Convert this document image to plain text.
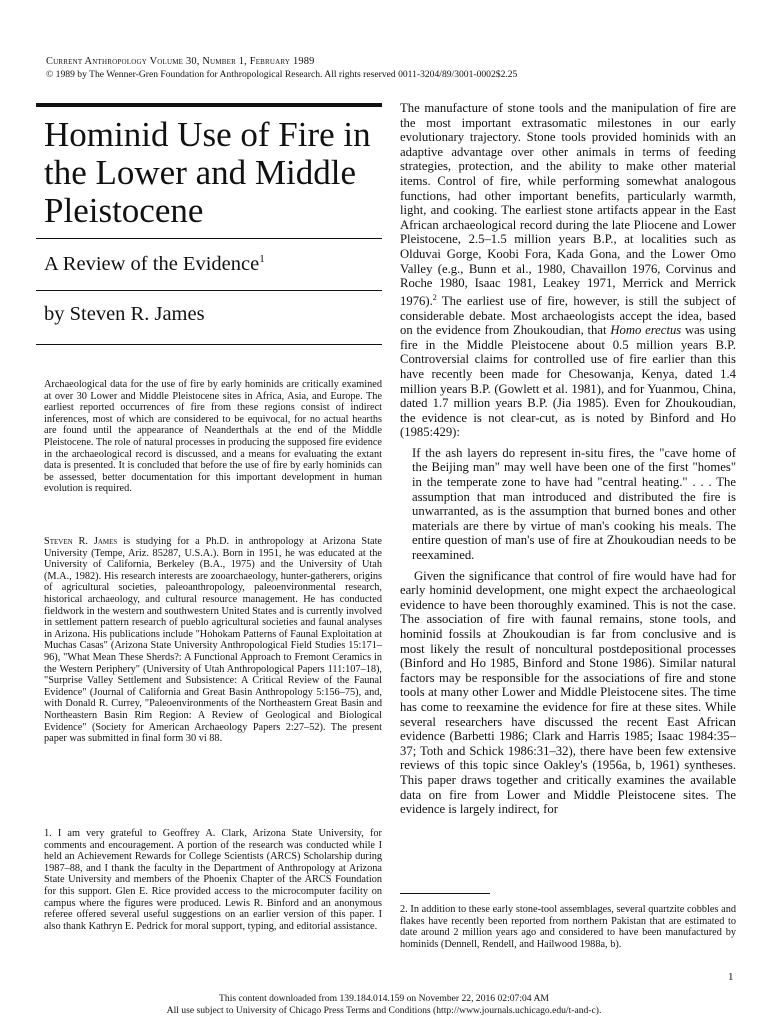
Current Anthropology Volume 30, Number 1, February 1989
© 1989 by The Wenner-Gren Foundation for Anthropological Research. All rights reserved 0011-3204/89/3001-0002$2.25
Hominid Use of Fire in the Lower and Middle Pleistocene
A Review of the Evidence$^1$
by Steven R. James

Archaeological data for the use of fire by early hominids are critically examined at over 30 Lower and Middle Pleistocene sites in Africa, Asia, and Europe. The earliest reported occurrences of fire from these regions consist of indirect inferences, most of which are considered to be equivocal, for no actual hearths are found until the appearance of Neanderthals at the end of the Middle Pleistocene. The role of natural processes in producing the supposed fire evidence in the archaeological record is discussed, and a means for evaluating the extant data is presented. It is concluded that before the use of fire by early hominids can be assessed, better documentation for this important development in human evolution is required.

Steven R. James is studying for a Ph.D. in anthropology at Arizona State University (Tempe, Ariz. 85287, U.S.A.). Born in 1951, he was educated at the University of California, Berkeley (B.A., 1975) and the University of Utah (M.A., 1982). His research interests are zooarchaeology, hunter-gatherers, origins of agricultural societies, paleoanthropology, paleoenvironmental research, historical archaeology, and cultural resource management. He has conducted fieldwork in the western and southwestern United States and is currently involved in settlement pattern research of pueblo agricultural societies and faunal analyses in Arizona. His publications include "Hohokam Patterns of Faunal Exploitation at Muchas Casas" (Arizona State University Anthropological Field Studies 15:171–96), "What Mean These Sherds?: A Functional Approach to Fremont Ceramics in the Western Periphery" (University of Utah Anthropological Papers 111:107–18), "Surprise Valley Settlement and Subsistence: A Critical Review of the Faunal Evidence" (Journal of California and Great Basin Anthropology 5:156–75), and, with Donald R. Currey, "Paleoenvironments of the Northeastern Great Basin and Northeastern Basin Rim Region: A Review of Geological and Biological Evidence" (Society for American Archaeology Papers 2:27–52). The present paper was submitted in final form 30 vi 88.

1. I am very grateful to Geoffrey A. Clark, Arizona State University, for comments and encouragement. A portion of the research was conducted while I held an Achievement Rewards for College Scientists (ARCS) Scholarship during 1987–88, and I thank the faculty in the Department of Anthropology at Arizona State University and members of the Phoenix Chapter of the ARCS Foundation for this support. Glen E. Rice provided access to the microcomputer facility on campus where the figures were produced. Lewis R. Binford and an anonymous referee offered several useful suggestions on an earlier version of this paper. I also thank Kathryn E. Pedrick for moral support, typing, and editorial assistance.

The manufacture of stone tools and the manipulation of fire are the most important extrasomatic milestones in our early evolutionary trajectory. Stone tools provided hominids with an adaptive advantage over other animals in terms of feeding strategies, protection, and the ability to make other material items. Control of fire, while performing somewhat analogous functions, had other important benefits, particularly warmth, light, and cooking. The earliest stone artifacts appear in the East African archaeological record during the late Pliocene and Lower Pleistocene, 2.5–1.5 million years B.P., at localities such as Olduvai Gorge, Koobi Fora, Kada Gona, and the Lower Omo Valley (e.g., Bunn et al., 1980, Chavaillon 1976, Corvinus and Roche 1980, Isaac 1981, Leakey 1971, Merrick and Merrick 1976).$^2$ The earliest use of fire, however, is still the subject of considerable debate. Most archaeologists accept the idea, based on the evidence from Zhoukoudian, that Homo erectus was using fire in the Middle Pleistocene about 0.5 million years B.P. Controversial claims for controlled use of fire earlier than this have recently been made for Chesowanja, Kenya, dated 1.4 million years B.P. (Gowlett et al. 1981), and for Yuanmou, China, dated 1.7 million years B.P. (Jia 1985). Even for Zhoukoudian, the evidence is not clear-cut, as is noted by Binford and Ho (1985:429):

If the ash layers do represent in-situ fires, the "cave home of the Beijing man" may well have been one of the first "homes" in the temperate zone to have had "central heating." . . . The assumption that man introduced and distributed the fire is unwarranted, as is the assumption that burned bones and other materials are there by virtue of man's cooking his meals. The entire question of man's use of fire at Zhoukoudian needs to be reexamined.

Given the significance that control of fire would have had for early hominid development, one might expect the archaeological evidence to have been thoroughly examined. This is not the case. The association of fire with faunal remains, stone tools, and hominid fossils at Zhoukoudian is far from conclusive and is most likely the result of noncultural postdepositional processes (Binford and Ho 1985, Binford and Stone 1986). Similar natural factors may be responsible for the associations of fire and stone tools at many other Lower and Middle Pleistocene sites. The time has come to reexamine the evidence for fire at these sites. While several researchers have discussed the recent East African evidence (Barbetti 1986; Clark and Harris 1985; Isaac 1984:35–37; Toth and Schick 1986:31–32), there have been few extensive reviews of this topic since Oakley's (1956a, b, 1961) syntheses. This paper draws together and critically examines the available data on fire from Lower and Middle Pleistocene sites. The evidence is largely indirect, for

2. In addition to these early stone-tool assemblages, several quartzite cobbles and flakes have recently been reported from northern Pakistan that are estimated to date around 2 million years ago and considered to have been manufactured by hominids (Dennell, Rendell, and Hailwood 1988a, b).

1
This content downloaded from 139.184.014.159 on November 22, 2016 02:07:04 AM
All use subject to University of Chicago Press Terms and Conditions (http://www.journals.uchicago.edu/t-and-c).
